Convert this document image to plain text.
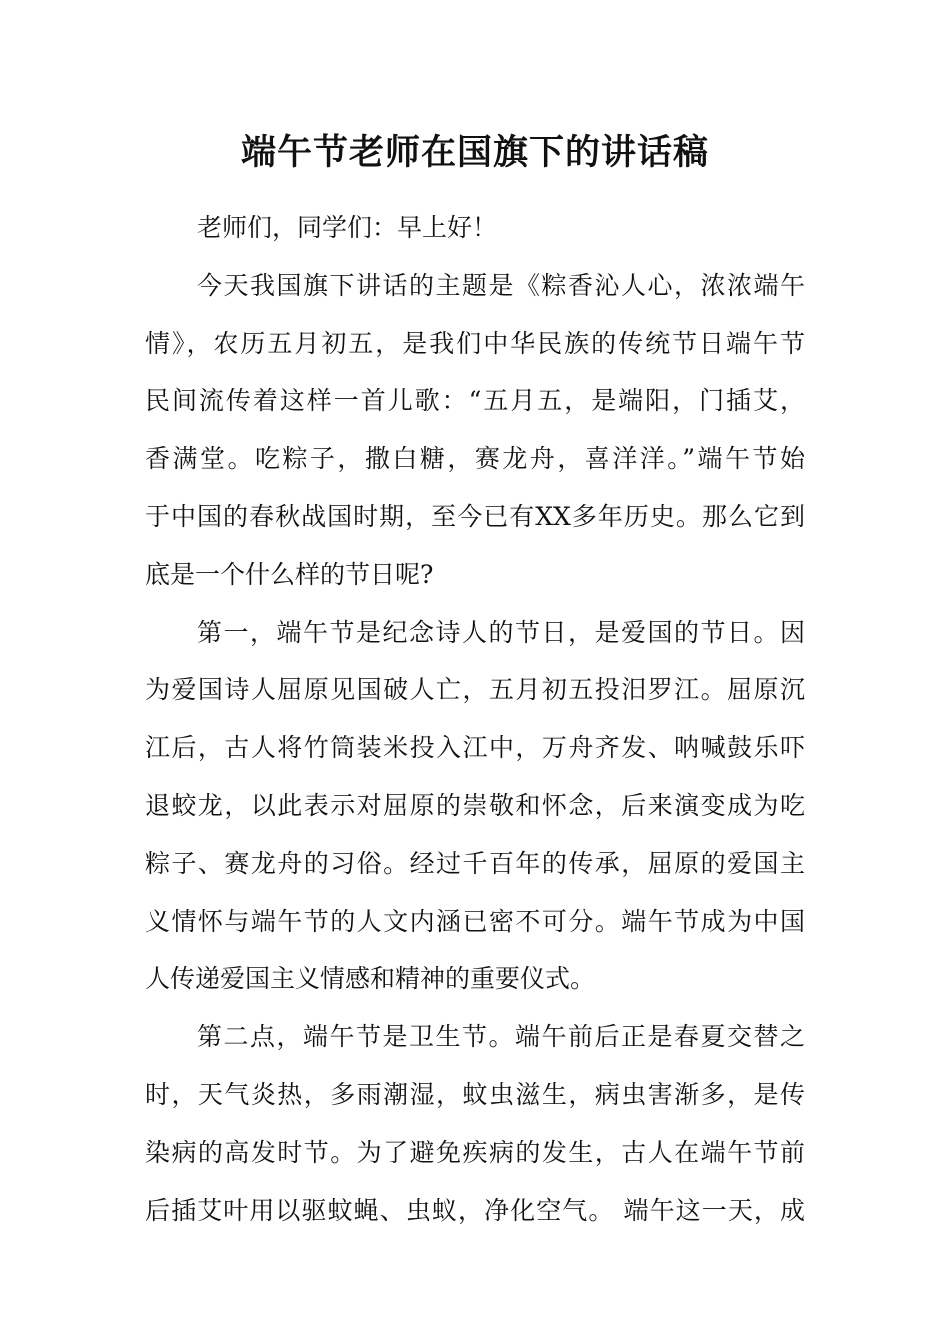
端午节老师在国旗下的讲话稿
老师们，同学们：早上好！
今天我国旗下讲话的主题是《粽香沁人心，浓浓端午
情》，农历五月初五，是我们中华民族的传统节日端午节
民间流传着这样一首儿歌：“五月五，是端阳，门插艾，
香满堂。吃粽子，撒白糖，赛龙舟，喜洋洋。”端午节始
于中国的春秋战国时期，至今已有XX多年历史。那么它到
底是一个什么样的节日呢?
第一，端午节是纪念诗人的节日，是爱国的节日。因
为爱国诗人屈原见国破人亡，五月初五投汨罗江。屈原沉
江后，古人将竹筒装米投入江中，万舟齐发、呐喊鼓乐吓
退蛟龙，以此表示对屈原的崇敬和怀念，后来演变成为吃
粽子、赛龙舟的习俗。经过千百年的传承，屈原的爱国主
义情怀与端午节的人文内涵已密不可分。端午节成为中国
人传递爱国主义情感和精神的重要仪式。
第二点，端午节是卫生节。端午前后正是春夏交替之
时，天气炎热，多雨潮湿，蚊虫滋生，病虫害渐多，是传
染病的高发时节。为了避免疾病的发生，古人在端午节前
后插艾叶用以驱蚊蝇、虫蚁，净化空气。 端午这一天，成
